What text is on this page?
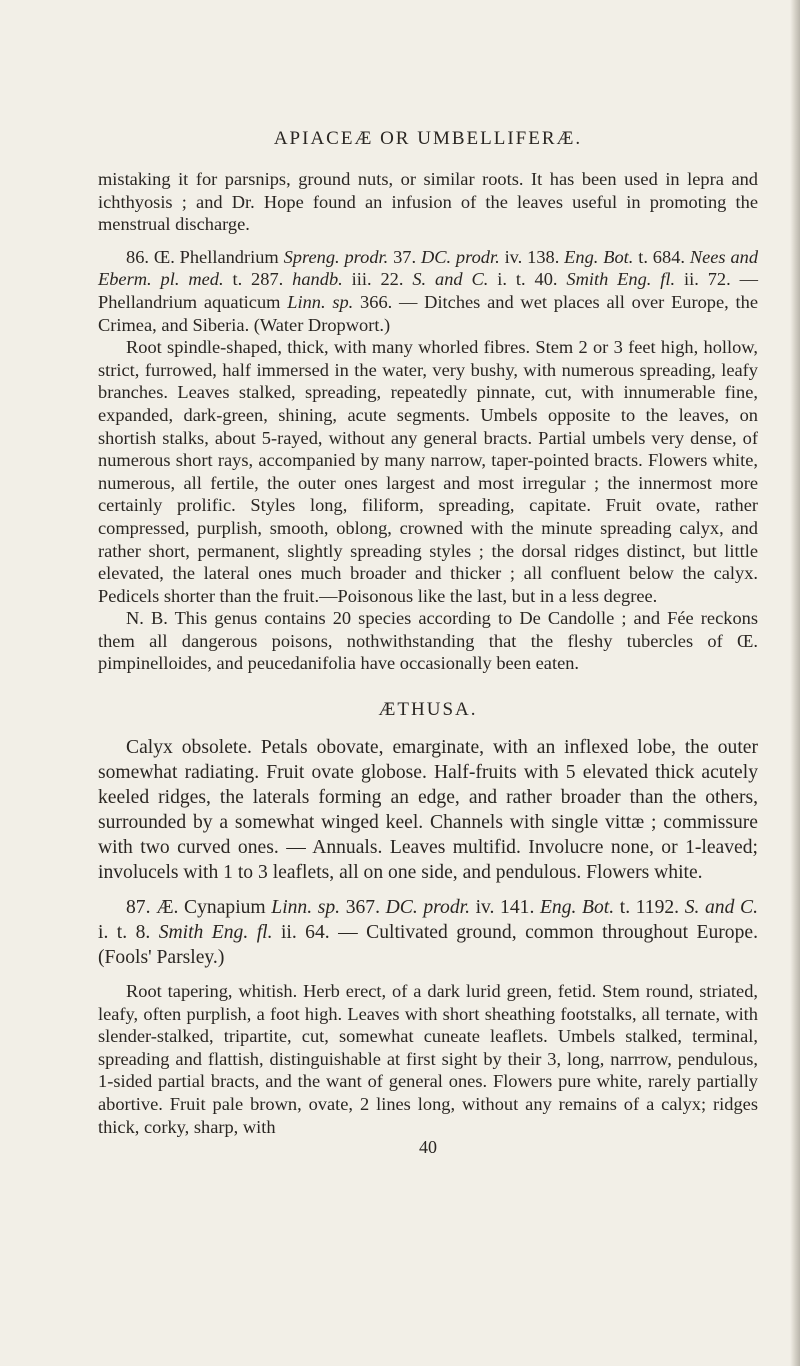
APIACEÆ OR UMBELLIFERÆ.

mistaking it for parsnips, ground nuts, or similar roots. It has been used in lepra and ichthyosis ; and Dr. Hope found an infusion of the leaves useful in promoting the menstrual discharge.

86. Œ. Phellandrium Spreng. prodr. 37. DC. prodr. iv. 138. Eng. Bot. t. 684. Nees and Eberm. pl. med. t. 287. handb. iii. 22. S. and C. i. t. 40. Smith Eng. fl. ii. 72. — Phellandrium aquaticum Linn. sp. 366. — Ditches and wet places all over Europe, the Crimea, and Siberia. (Water Dropwort.)

Root spindle-shaped, thick, with many whorled fibres. Stem 2 or 3 feet high, hollow, strict, furrowed, half immersed in the water, very bushy, with numerous spreading, leafy branches. Leaves stalked, spreading, repeatedly pinnate, cut, with innumerable fine, expanded, dark-green, shining, acute segments. Umbels opposite to the leaves, on shortish stalks, about 5-rayed, without any general bracts. Partial umbels very dense, of numerous short rays, accompanied by many narrow, taper-pointed bracts. Flowers white, numerous, all fertile, the outer ones largest and most irregular ; the innermost more certainly prolific. Styles long, filiform, spreading, capitate. Fruit ovate, rather compressed, purplish, smooth, oblong, crowned with the minute spreading calyx, and rather short, permanent, slightly spreading styles ; the dorsal ridges distinct, but little elevated, the lateral ones much broader and thicker ; all confluent below the calyx. Pedicels shorter than the fruit.—Poisonous like the last, but in a less degree.

N. B. This genus contains 20 species according to De Candolle ; and Fée reckons them all dangerous poisons, nothwithstanding that the fleshy tubercles of Œ. pimpinelloides, and peucedanifolia have occasionally been eaten.

ÆTHUSA.

Calyx obsolete. Petals obovate, emarginate, with an inflexed lobe, the outer somewhat radiating. Fruit ovate globose. Half-fruits with 5 elevated thick acutely keeled ridges, the laterals forming an edge, and rather broader than the others, surrounded by a somewhat winged keel. Channels with single vittæ ; commissure with two curved ones. — Annuals. Leaves multifid. Involucre none, or 1-leaved; involucels with 1 to 3 leaflets, all on one side, and pendulous. Flowers white.

87. Æ. Cynapium Linn. sp. 367. DC. prodr. iv. 141. Eng. Bot. t. 1192. S. and C. i. t. 8. Smith Eng. fl. ii. 64. — Cultivated ground, common throughout Europe. (Fools' Parsley.)

Root tapering, whitish. Herb erect, of a dark lurid green, fetid. Stem round, striated, leafy, often purplish, a foot high. Leaves with short sheathing footstalks, all ternate, with slender-stalked, tripartite, cut, somewhat cuneate leaflets. Umbels stalked, terminal, spreading and flattish, distinguishable at first sight by their 3, long, narrrow, pendulous, 1-sided partial bracts, and the want of general ones. Flowers pure white, rarely partially abortive. Fruit pale brown, ovate, 2 lines long, without any remains of a calyx; ridges thick, corky, sharp, with

40
